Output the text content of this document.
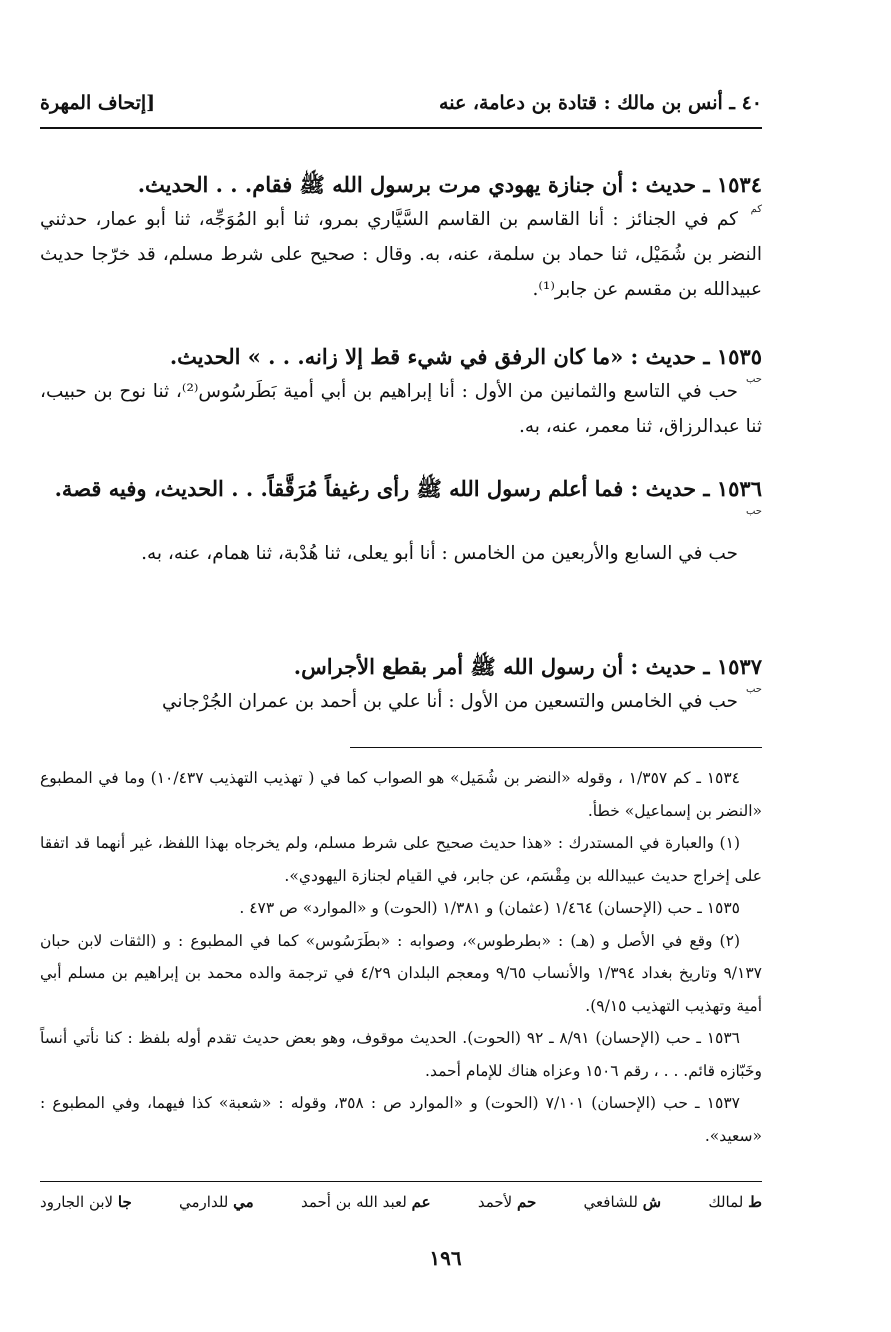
٤٠ ـ أنس بن مالك : قتادة بن دعامة، عنه
[إتحاف المهرة
١٥٣٤ ـ حديث : أن جنازة يهودي مرت برسول الله ﷺ فقام. . . الحديث.
كم

كم في الجنائز : أنا القاسم بن القاسم السَّيَّاري بمرو، ثنا أبو المُوَجِّه، ثنا أبو عمار، حدثني النضر بن شُمَيْل، ثنا حماد بن سلمة، عنه، به. وقال : صحيح على شرط مسلم، قد خرّجا حديث عبيدالله بن مقسم عن جابر⁽¹⁾.

١٥٣٥ ـ حديث : «ما كان الرفق في شيء قط إلا زانه. . . » الحديث.
حب

حب في التاسع والثمانين من الأول : أنا إبراهيم بن أبي أمية بَطَرسُوس⁽²⁾، ثنا نوح بن حبيب، ثنا عبدالرزاق، ثنا معمر، عنه، به.

١٥٣٦ ـ حديث : فما أعلم رسول الله ﷺ رأى رغيفاً مُرَقَّقاً. . . الحديث، وفيه قصة.
حب

حب في السابع والأربعين من الخامس : أنا أبو يعلى، ثنا هُدْبة، ثنا همام، عنه، به.

١٥٣٧ ـ حديث : أن رسول الله ﷺ أمر بقطع الأجراس.
حب

حب في الخامس والتسعين من الأول : أنا علي بن أحمد بن عمران الجُرْجاني

١٥٣٤ ـ كم ١/٣٥٧ ، وقوله «النضر بن شُمَيل» هو الصواب كما في ( تهذيب التهذيب ١٠/٤٣٧) وما في المطبوع «النضر بن إسماعيل» خطأ.

(١) والعبارة في المستدرك : «هذا حديث صحيح على شرط مسلم، ولم يخرجاه بهذا اللفظ، غير أنهما قد اتفقا على إخراج حديث عبيدالله بن مِقْسَم، عن جابر، في القيام لجنازة اليهودي».

١٥٣٥ ـ حب (الإحسان) ١/٤٦٤ (عثمان) و ١/٣٨١ (الحوت) و «الموارد» ص ٤٧٣ .

(٢) وقع في الأصل و (هـ) : «بطرطوس»، وصوابه : «بطَرَسُوس» كما في المطبوع : و (الثقات لابن حبان ٩/١٣٧ وتاريخ بغداد ١/٣٩٤ والأنساب ٩/٦٥ ومعجم البلدان ٤/٢٩ في ترجمة والده محمد بن إبراهيم بن مسلم أبي أمية وتهذيب التهذيب ٩/١٥).

١٥٣٦ ـ حب (الإحسان) ٨/٩١ ـ ٩٢ (الحوت). الحديث موقوف، وهو بعض حديث تقدم أوله بلفظ : كنا نأتي أنساً وخَبّازه قائم. . . ، رقم ١٥٠٦ وعزاه هناك للإمام أحمد.

١٥٣٧ ـ حب (الإحسان) ٧/١٠١ (الحوت) و «الموارد ص : ٣٥٨، وقوله : «شعبة» كذا فيهما، وفي المطبوع : «سعيد».

ط لمالك
ش للشافعي
حم لأحمد
عم لعبد الله بن أحمد
مي للدارمي
جا لابن الجارود
١٩٦
